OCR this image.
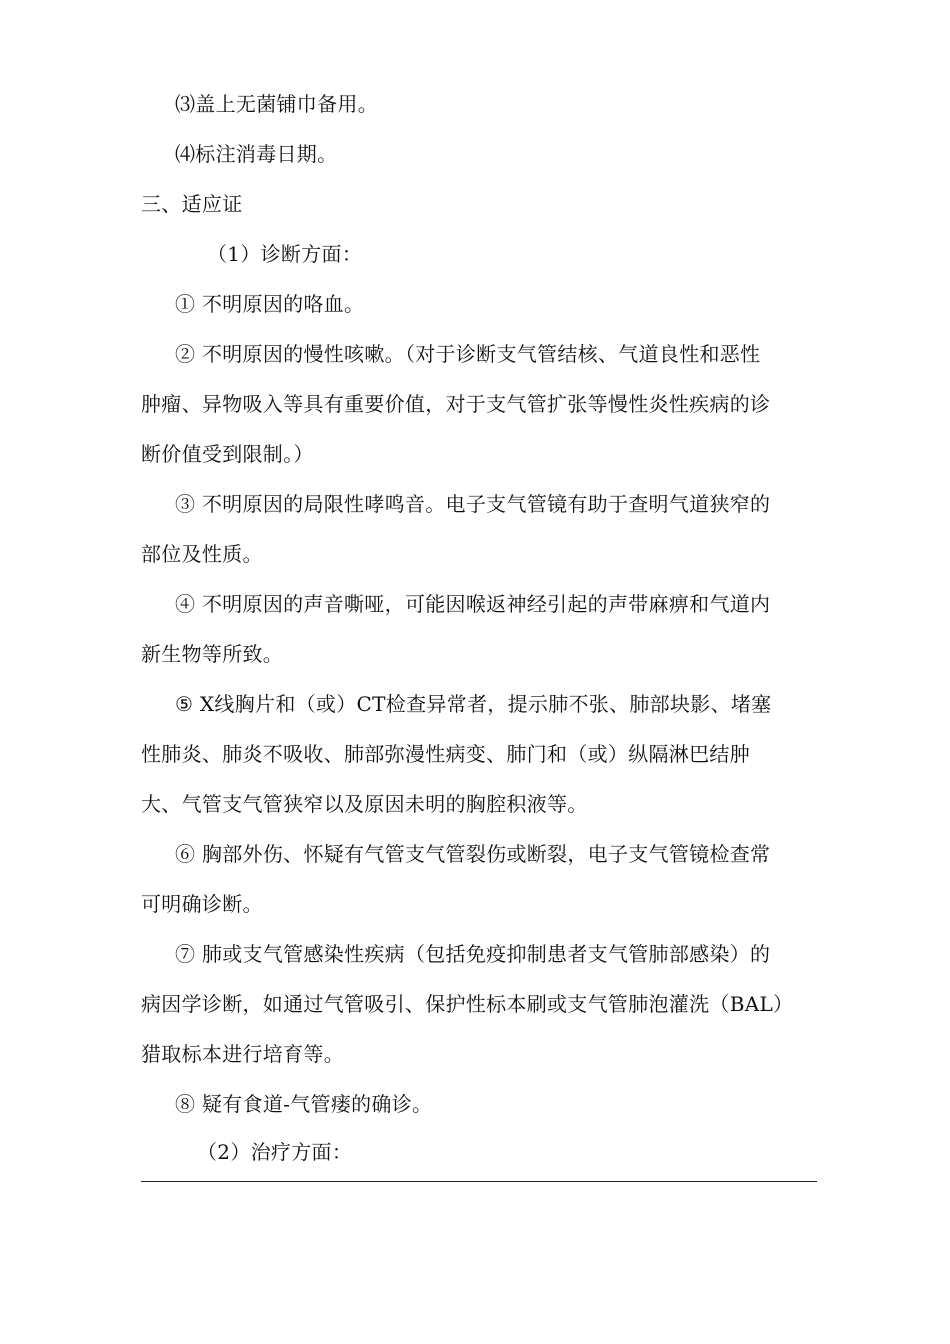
⑶盖上无菌铺巾备用。
⑷标注消毒日期。
三、适应证
（1）诊断方面：
① 不明原因的咯血。
② 不明原因的慢性咳嗽。（对于诊断支气管结核、气道良性和恶性
肿瘤、异物吸入等具有重要价值，对于支气管扩张等慢性炎性疾病的诊
断价值受到限制。）
③ 不明原因的局限性哮鸣音。电子支气管镜有助于查明气道狭窄的
部位及性质。
④ 不明原因的声音嘶哑，可能因喉返神经引起的声带麻痹和气道内
新生物等所致。
⑤ X线胸片和（或）CT检查异常者，提示肺不张、肺部块影、堵塞
性肺炎、肺炎不吸收、肺部弥漫性病变、肺门和（或）纵隔淋巴结肿
大、气管支气管狭窄以及原因未明的胸腔积液等。
⑥ 胸部外伤、怀疑有气管支气管裂伤或断裂，电子支气管镜检查常
可明确诊断。
⑦ 肺或支气管感染性疾病（包括免疫抑制患者支气管肺部感染）的
病因学诊断，如通过气管吸引、保护性标本刷或支气管肺泡灌洗（BAL）
猎取标本进行培育等。
⑧ 疑有食道-气管瘘的确诊。
（2）治疗方面：
